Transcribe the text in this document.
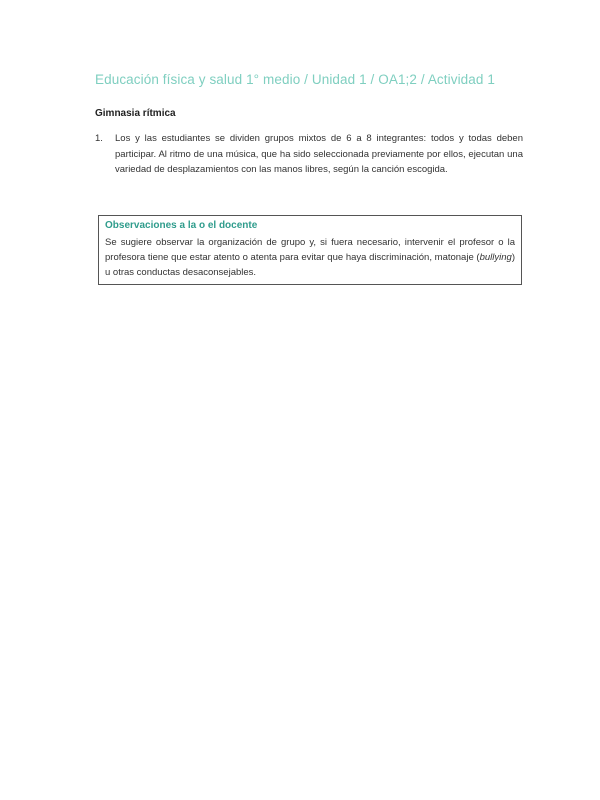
Educación física y salud 1° medio / Unidad 1 / OA1;2 / Actividad 1
Gimnasia rítmica
1.	Los y las estudiantes se dividen grupos mixtos de 6 a 8 integrantes: todos y todas deben participar. Al ritmo de una música, que ha sido seleccionada previamente por ellos, ejecutan una variedad de desplazamientos con las manos libres, según la canción escogida.
Observaciones a la o el docente
Se sugiere observar la organización de grupo y, si fuera necesario, intervenir el profesor o la profesora tiene que estar atento o atenta para evitar que haya discriminación, matonaje (bullying) u otras conductas desaconsejables.
